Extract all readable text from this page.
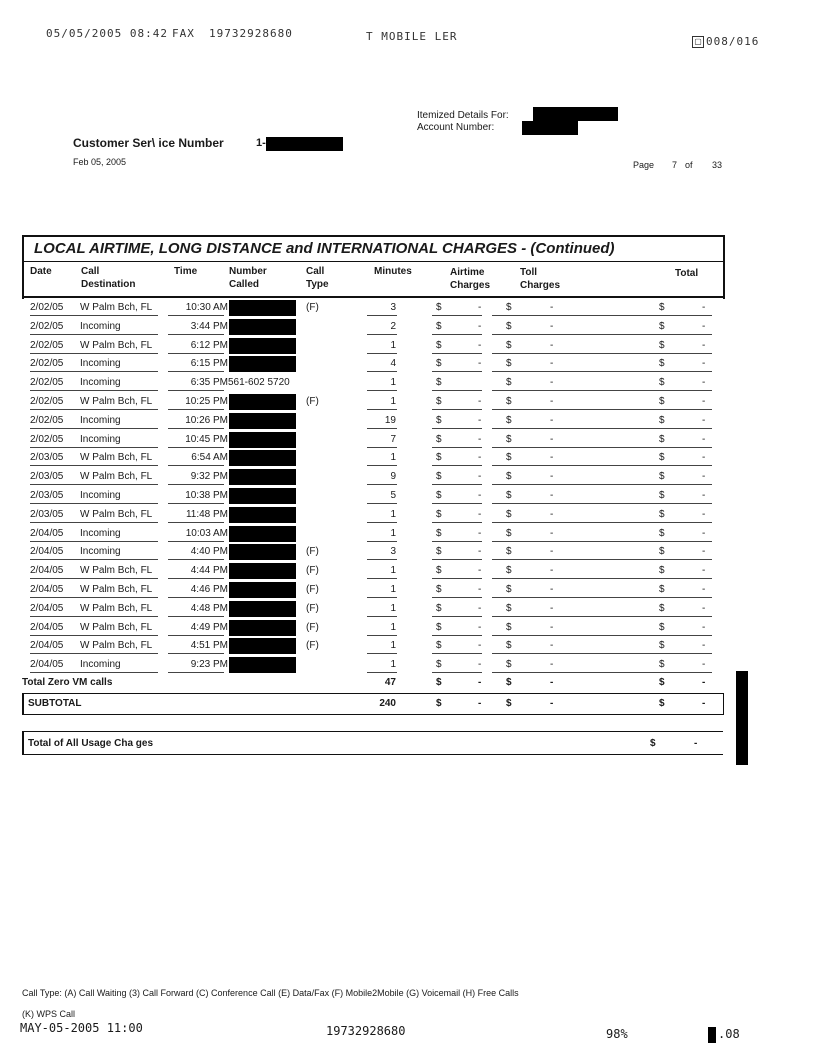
05/05/2005 08:42 FAX 19732928680	T MOBILE LER	▢ 008/016
Itemized Details For:
Account Number:
Customer Ser\ ice Number	1-
Feb 05, 2005	Page 7 of 33
LOCAL AIRTIME, LONG DISTANCE and INTERNATIONAL CHARGES - (Continued)
Date	Call
Destination
Time	Number
Called
Call
Type
Minutes	Airtime
Charges
Toll
Charges
Total
2/02/05 W Palm Bch, FL	10:30 AM	(F)	3	$	- $	-	$	-
2/02/05 Incoming	3:44 PM	2	$	- $	-	$	-
2/02/05 W Palm Bch, FL	6:12 PM	1	$	- $	-	$	-
2/02/05 Incoming	6:15 PM	4	$	- $	-	$	-
2/02/05 Incoming	6:35 PM 561-602 5720	1	$	$	-	$	-
2/02/05 W Palm Bch, FL	10:25 PM	(F)	1	$	- $	-	$	-
2/02/05 Incoming	10:26 PM	19	$	- $	-	$	-
2/02/05 Incoming	10:45 PM	7	$	- $	-	$	-
2/03/05 W Palm Bch, FL	6:54 AM	1	$	- $	-	$	-
2/03/05 W Palm Bch, FL	9:32 PM	9	$	- $	-	$	-
2/03/05 Incoming	10:38 PM	5	$	- $	-	$	-
2/03/05 W Palm Bch, FL	11:48 PM	1	$	- $	-	$	-
2/04/05 Incoming	10:03 AM	1	$	- $	-	$	-
2/04/05 Incoming	4:40 PM	(F)	3	$	- $	-	$	-
2/04/05 W Palm Bch, FL	4:44 PM	(F)	1	$	- $	-	$	-
2/04/05 W Palm Bch, FL	4:46 PM	(F)	1	$	- $	-	$	-
2/04/05 W Palm Bch, FL	4:48 PM	(F)	1	$	- $	-	$	-
2/04/05 W Palm Bch, FL	4:49 PM	(F)	1	$	- $	-	$	-
2/04/05 W Palm Bch, FL	4:51 PM	(F)	1	$	- $	-	$	-
2/04/05 Incoming	9:23 PM	1	$	- $	-	$	-
Total Zero VM calls	47	$	- $	-	$	-
SUBTOTAL	240	$	- $	-	$	-
Total of All Usage Cha ges	$	-
Call Type: (A) Call Waiting (3) Call Forward (C) Conference Call (E) Data/Fax (F) Mobile2Mobile (G) Voicemail (H) Free Calls
(K) WPS Call
MAY-05-2005 11:00	19732928680	98%	.08
